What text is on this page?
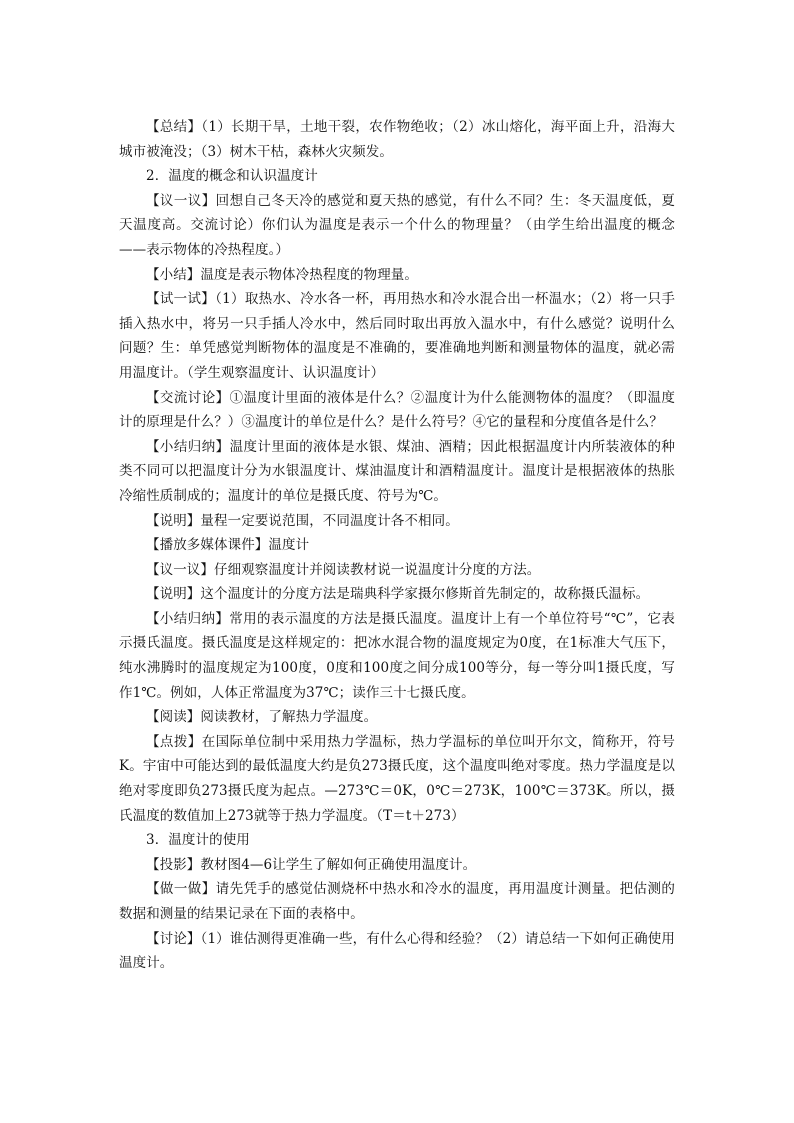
【总结】（1）长期干旱，土地干裂，农作物绝收；（2）冰山熔化，海平面上升，沿海大城市被淹没；（3）树木干枯，森林火灾频发。

2．温度的概念和认识温度计

【议一议】回想自己冬天冷的感觉和夏天热的感觉，有什么不同？生：冬天温度低，夏天温度高。交流讨论）你们认为温度是表示一个什么的物理量？（由学生给出温度的概念——表示物体的冷热程度。）

【小结】温度是表示物体冷热程度的物理量。

【试一试】（1）取热水、冷水各一杯，再用热水和冷水混合出一杯温水；（2）将一只手插入热水中，将另一只手插人冷水中，然后同时取出再放入温水中，有什么感觉？说明什么问题？生：单凭感觉判断物体的温度是不准确的，要准确地判断和测量物体的温度，就必需用温度计。（学生观察温度计、认识温度计）

【交流讨论】①温度计里面的液体是什么？②温度计为什么能测物体的温度？（即温度计的原理是什么？）③温度计的单位是什么？是什么符号？④它的量程和分度值各是什么？

【小结归纳】温度计里面的液体是水银、煤油、酒精；因此根据温度计内所装液体的种类不同可以把温度计分为水银温度计、煤油温度计和酒精温度计。温度计是根据液体的热胀冷缩性质制成的；温度计的单位是摄氏度、符号为℃。

【说明】量程一定要说范围，不同温度计各不相同。

【播放多媒体课件】温度计

【议一议】仔细观察温度计并阅读教材说一说温度计分度的方法。

【说明】这个温度计的分度方法是瑞典科学家摄尔修斯首先制定的，故称摄氏温标。

【小结归纳】常用的表示温度的方法是摄氏温度。温度计上有一个单位符号“℃”，它表示摄氏温度。摄氏温度是这样规定的：把冰水混合物的温度规定为0度，在1标准大气压下，纯水沸腾时的温度规定为100度，0度和100度之间分成100等分，每一等分叫1摄氏度，写作1℃。例如，人体正常温度为37℃；读作三十七摄氏度。

【阅读】阅读教材，了解热力学温度。

【点拨】在国际单位制中采用热力学温标，热力学温标的单位叫开尔文，简称开，符号K。宇宙中可能达到的最低温度大约是负273摄氏度，这个温度叫绝对零度。热力学温度是以绝对零度即负273摄氏度为起点。—273℃＝0K，0℃＝273K，100℃＝373K。所以，摄氏温度的数值加上273就等于热力学温度。（T＝t＋273）

3．温度计的使用

【投影】教材图4—6让学生了解如何正确使用温度计。

【做一做】请先凭手的感觉估测烧杯中热水和冷水的温度，再用温度计测量。把估测的数据和测量的结果记录在下面的表格中。

【讨论】（1）谁估测得更准确一些，有什么心得和经验？（2）请总结一下如何正确使用温度计。
